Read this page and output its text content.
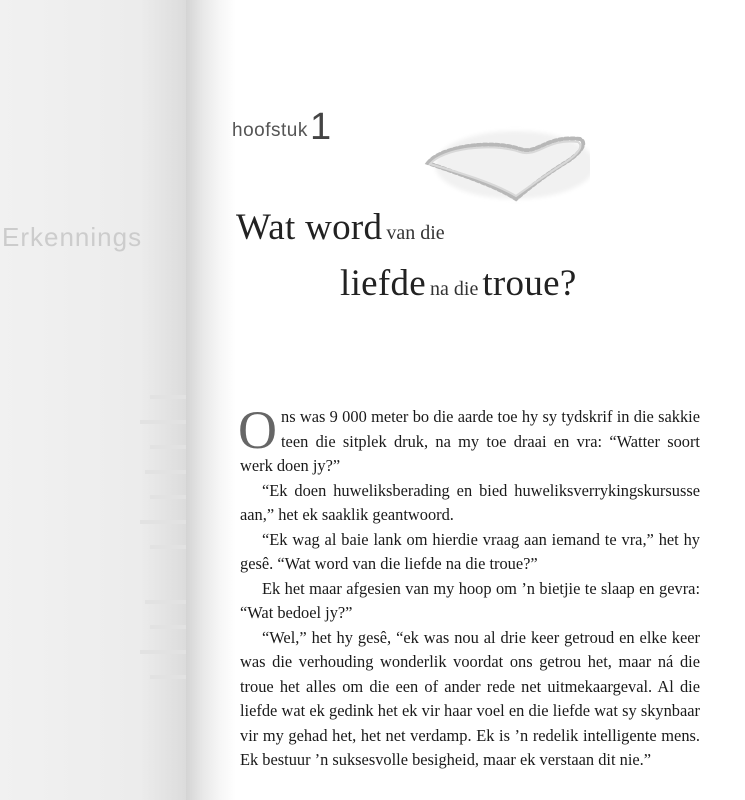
Erkennings
hoofstuk 1
Wat word van die
liefde na die troue?

Ons was 9 000 meter bo die aarde toe hy sy tydskrif in die sakkie teen die sitplek druk, na my toe draai en vra: “Watter soort werk doen jy?”

“Ek doen huweliksberading en bied huweliksverrykingskursusse aan,” het ek saaklik geantwoord.

“Ek wag al baie lank om hierdie vraag aan iemand te vra,” het hy gesê. “Wat word van die liefde na die troue?”

Ek het maar afgesien van my hoop om ’n bietjie te slaap en gevra: “Wat bedoel jy?”

“Wel,” het hy gesê, “ek was nou al drie keer getroud en elke keer was die verhouding wonderlik voordat ons getrou het, maar ná die troue het alles om die een of ander rede net uitmekaargeval. Al die liefde wat ek gedink het ek vir haar voel en die liefde wat sy skynbaar vir my gehad het, het net verdamp. Ek is ’n redelik intelligente mens. Ek bestuur ’n suksesvolle besigheid, maar ek verstaan dit nie.”
